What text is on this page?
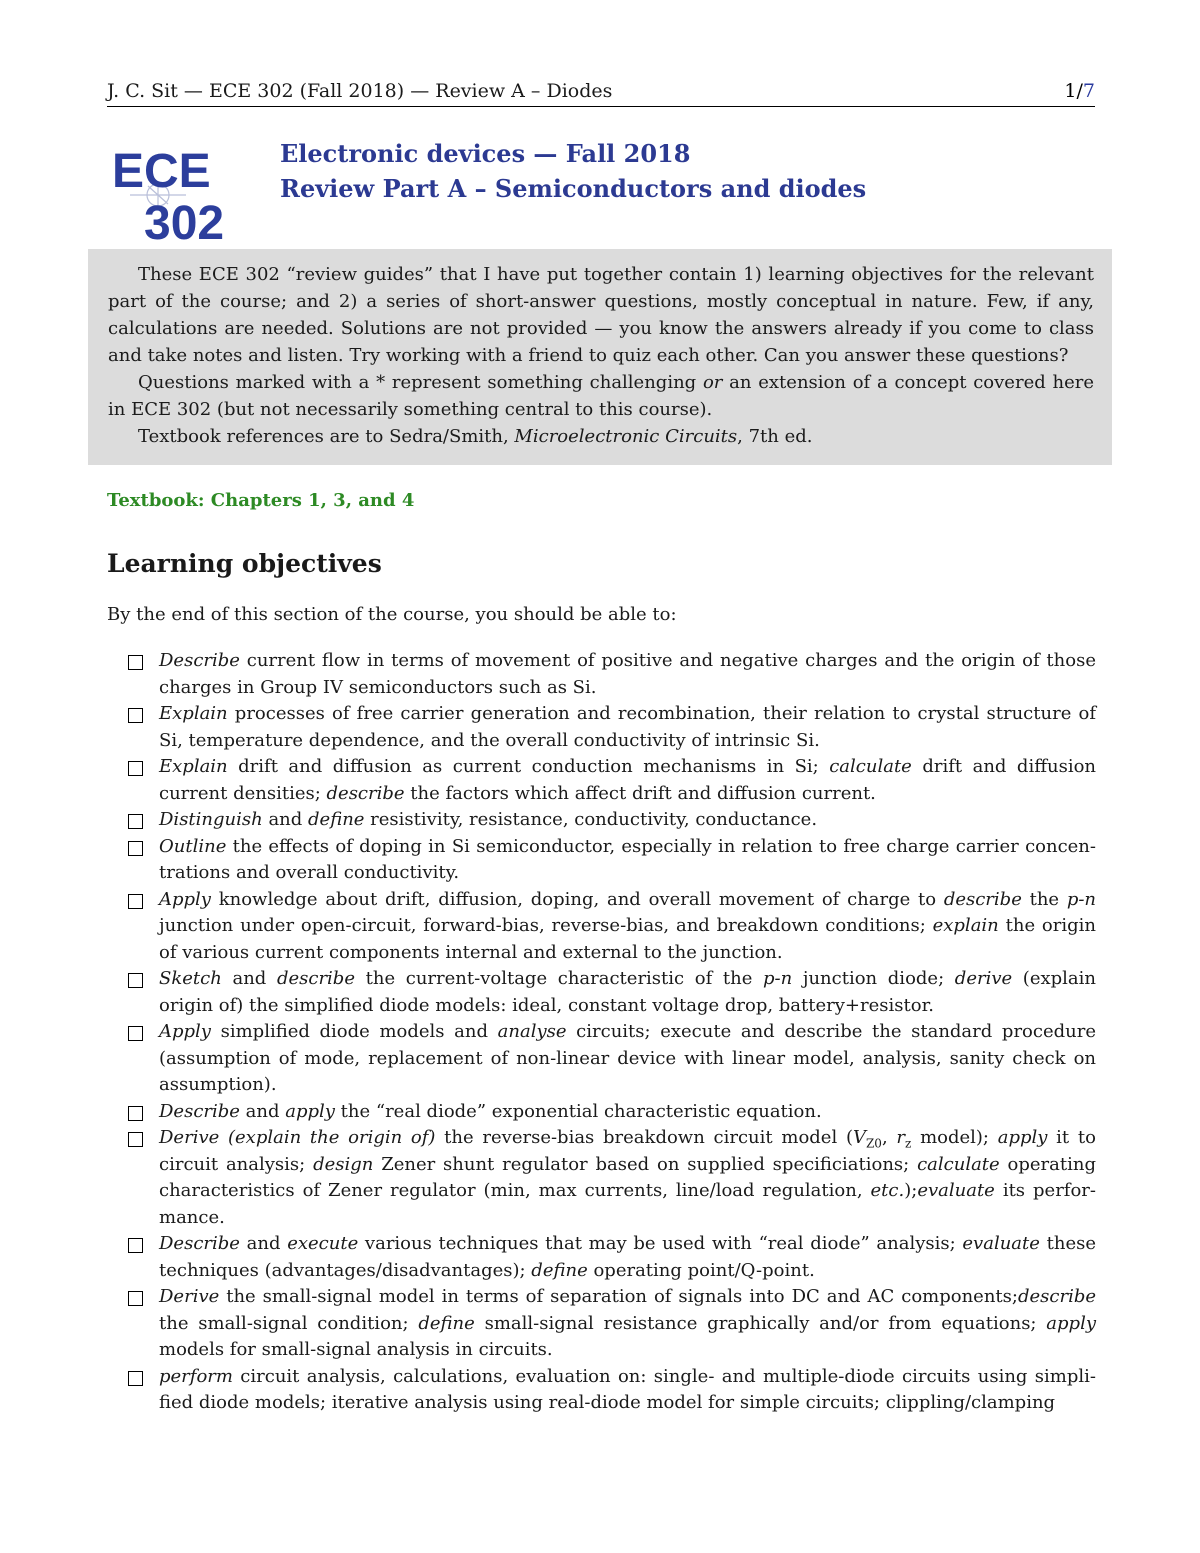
J. C. Sit — ECE 302 (Fall 2018) — Review A – Diodes	1/7
ECE
302
Electronic devices — Fall 2018
Review Part A – Semiconductors and diodes
These ECE 302 “review guides” that I have put together contain 1) learning objectives for the relevant part of the course; and 2) a series of short-answer questions, mostly conceptual in nature. Few, if any, calculations are needed. Solutions are not provided — you know the answers already if you come to class and take notes and listen. Try working with a friend to quiz each other. Can you answer these questions?
Questions marked with a * represent something challenging or an extension of a concept covered here in ECE 302 (but not necessarily something central to this course).
Textbook references are to Sedra/Smith, Microelectronic Circuits, 7th ed.
Textbook: Chapters 1, 3, and 4
Learning objectives
By the end of this section of the course, you should be able to:
Describe current flow in terms of movement of positive and negative charges and the origin of those charges in Group IV semiconductors such as Si.
Explain processes of free carrier generation and recombination, their relation to crystal structure of Si, temperature dependence, and the overall conductivity of intrinsic Si.
Explain drift and diffusion as current conduction mechanisms in Si; calculate drift and diffusion current densities; describe the factors which affect drift and diffusion current.
Distinguish and define resistivity, resistance, conductivity, conductance.
Outline the effects of doping in Si semiconductor, especially in relation to free charge carrier concentrations and overall conductivity.
Apply knowledge about drift, diffusion, doping, and overall movement of charge to describe the p-n junction under open-circuit, forward-bias, reverse-bias, and breakdown conditions; explain the origin of various current components internal and external to the junction.
Sketch and describe the current-voltage characteristic of the p-n junction diode; derive (explain origin of) the simplified diode models: ideal, constant voltage drop, battery+resistor.
Apply simplified diode models and analyse circuits; execute and describe the standard procedure (assumption of mode, replacement of non-linear device with linear model, analysis, sanity check on assumption).
Describe and apply the “real diode” exponential characteristic equation.
Derive (explain the origin of) the reverse-bias breakdown circuit model ($V_{Z0}$, $r_z$ model); apply it to circuit analysis; design Zener shunt regulator based on supplied specificiations; calculate operating characteristics of Zener regulator (min, max currents, line/load regulation, etc.);evaluate its performance.
Describe and execute various techniques that may be used with “real diode” analysis; evaluate these techniques (advantages/disadvantages); define operating point/Q-point.
Derive the small-signal model in terms of separation of signals into DC and AC components;describe the small-signal condition; define small-signal resistance graphically and/or from equations; apply models for small-signal analysis in circuits.
perform circuit analysis, calculations, evaluation on: single- and multiple-diode circuits using simplified diode models; iterative analysis using real-diode model for simple circuits; clippling/clamping
